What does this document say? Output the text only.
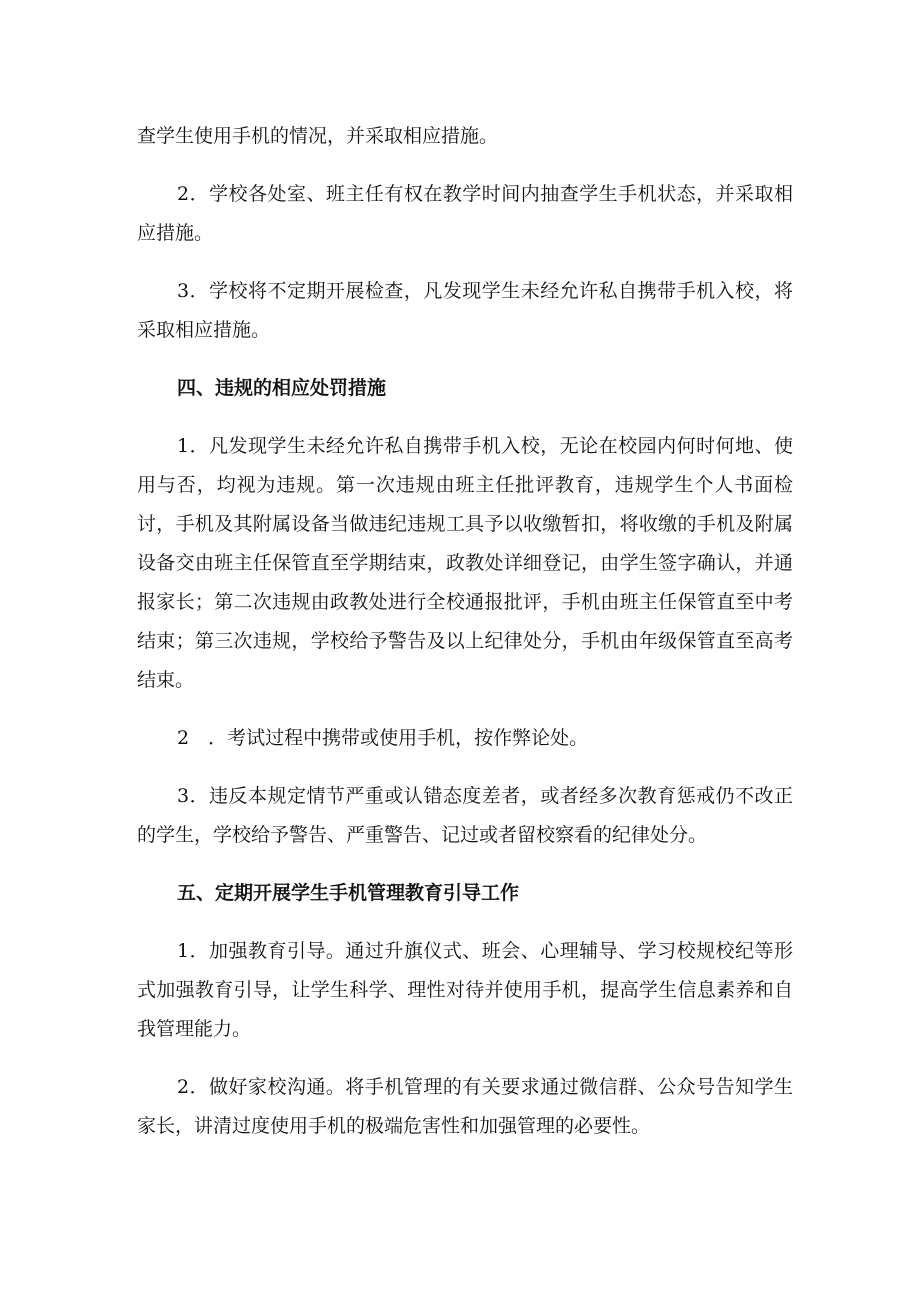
查学生使用手机的情况，并采取相应措施。

2．学校各处室、班主任有权在教学时间内抽查学生手机状态，并采取相应措施。

3．学校将不定期开展检查，凡发现学生未经允许私自携带手机入校，将采取相应措施。

四、违规的相应处罚措施

1．凡发现学生未经允许私自携带手机入校，无论在校园内何时何地、使用与否，均视为违规。第一次违规由班主任批评教育，违规学生个人书面检讨，手机及其附属设备当做违纪违规工具予以收缴暂扣，将收缴的手机及附属设备交由班主任保管直至学期结束，政教处详细登记，由学生签字确认，并通报家长；第二次违规由政教处进行全校通报批评，手机由班主任保管直至中考结束；第三次违规，学校给予警告及以上纪律处分，手机由年级保管直至高考结束。

2　．考试过程中携带或使用手机，按作弊论处。

3．违反本规定情节严重或认错态度差者，或者经多次教育惩戒仍不改正的学生，学校给予警告、严重警告、记过或者留校察看的纪律处分。

五、定期开展学生手机管理教育引导工作

1．加强教育引导。通过升旗仪式、班会、心理辅导、学习校规校纪等形式加强教育引导，让学生科学、理性对待并使用手机，提高学生信息素养和自我管理能力。

2．做好家校沟通。将手机管理的有关要求通过微信群、公众号告知学生家长，讲清过度使用手机的极端危害性和加强管理的必要性。
